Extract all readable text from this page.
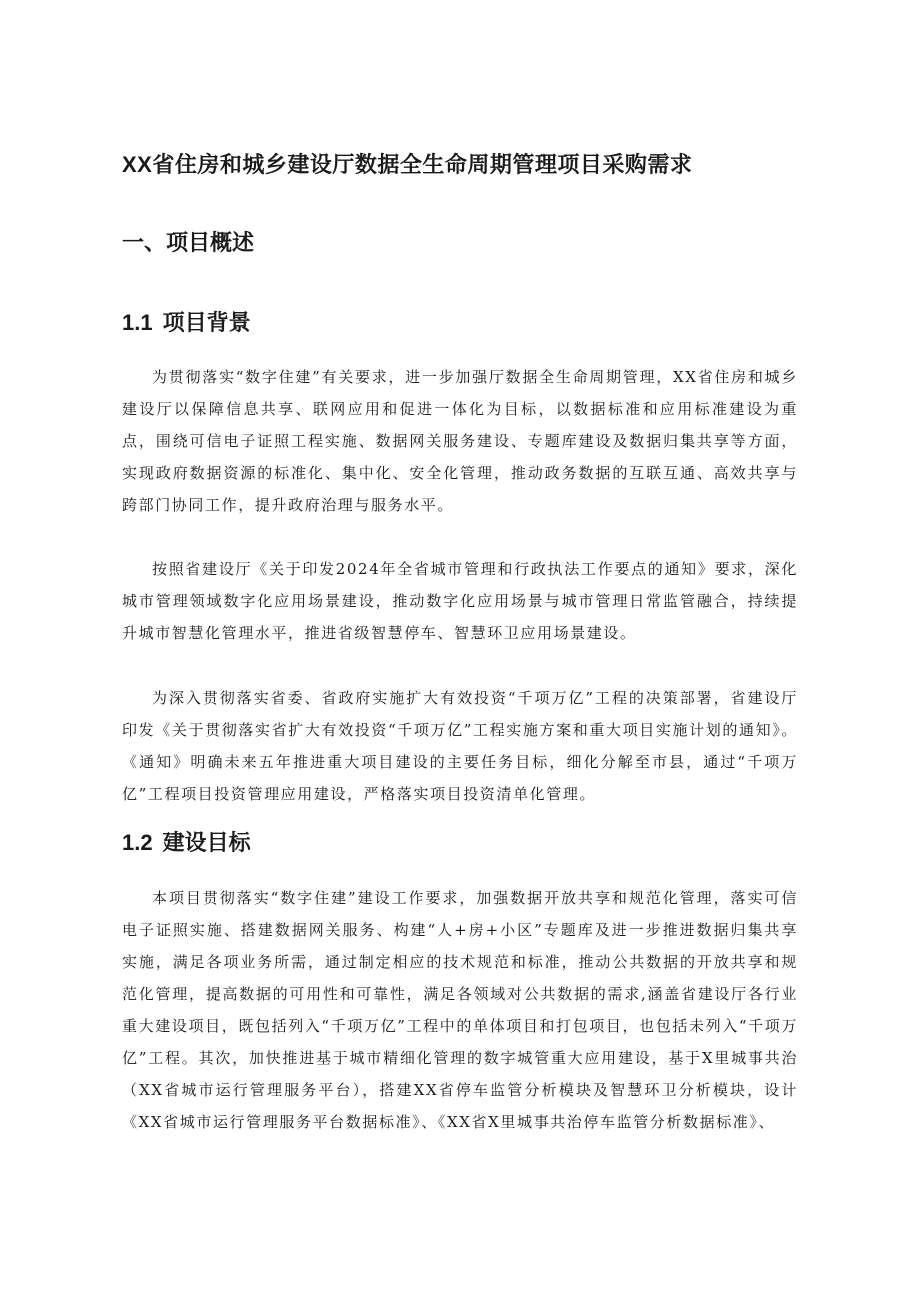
XX省住房和城乡建设厅数据全生命周期管理项目采购需求
一、项目概述
1.1 项目背景

为贯彻落实“数字住建”有关要求，进一步加强厅数据全生命周期管理，XX省住房和城乡建设厅以保障信息共享、联网应用和促进一体化为目标，以数据标准和应用标准建设为重点，围绕可信电子证照工程实施、数据网关服务建设、专题库建设及数据归集共享等方面，实现政府数据资源的标准化、集中化、安全化管理，推动政务数据的互联互通、高效共享与跨部门协同工作，提升政府治理与服务水平。

按照省建设厅《关于印发2024年全省城市管理和行政执法工作要点的通知》要求，深化城市管理领域数字化应用场景建设，推动数字化应用场景与城市管理日常监管融合，持续提升城市智慧化管理水平，推进省级智慧停车、智慧环卫应用场景建设。

为深入贯彻落实省委、省政府实施扩大有效投资“千项万亿”工程的决策部署，省建设厅印发《关于贯彻落实省扩大有效投资“千项万亿”工程实施方案和重大项目实施计划的通知》。《通知》明确未来五年推进重大项目建设的主要任务目标，细化分解至市县，通过“千项万亿”工程项目投资管理应用建设，严格落实项目投资清单化管理。

1.2 建设目标

本项目贯彻落实“数字住建”建设工作要求，加强数据开放共享和规范化管理，落实可信电子证照实施、搭建数据网关服务、构建“人+房+小区”专题库及进一步推进数据归集共享实施，满足各项业务所需，通过制定相应的技术规范和标准，推动公共数据的开放共享和规范化管理，提高数据的可用性和可靠性，满足各领域对公共数据的需求,涵盖省建设厅各行业重大建设项目，既包括列入“千项万亿”工程中的单体项目和打包项目，也包括未列入“千项万亿”工程。其次，加快推进基于城市精细化管理的数字城管重大应用建设，基于X里城事共治（XX省城市运行管理服务平台），搭建XX省停车监管分析模块及智慧环卫分析模块，设计《XX省城市运行管理服务平台数据标准》、《XX省X里城事共治停车监管分析数据标准》、
